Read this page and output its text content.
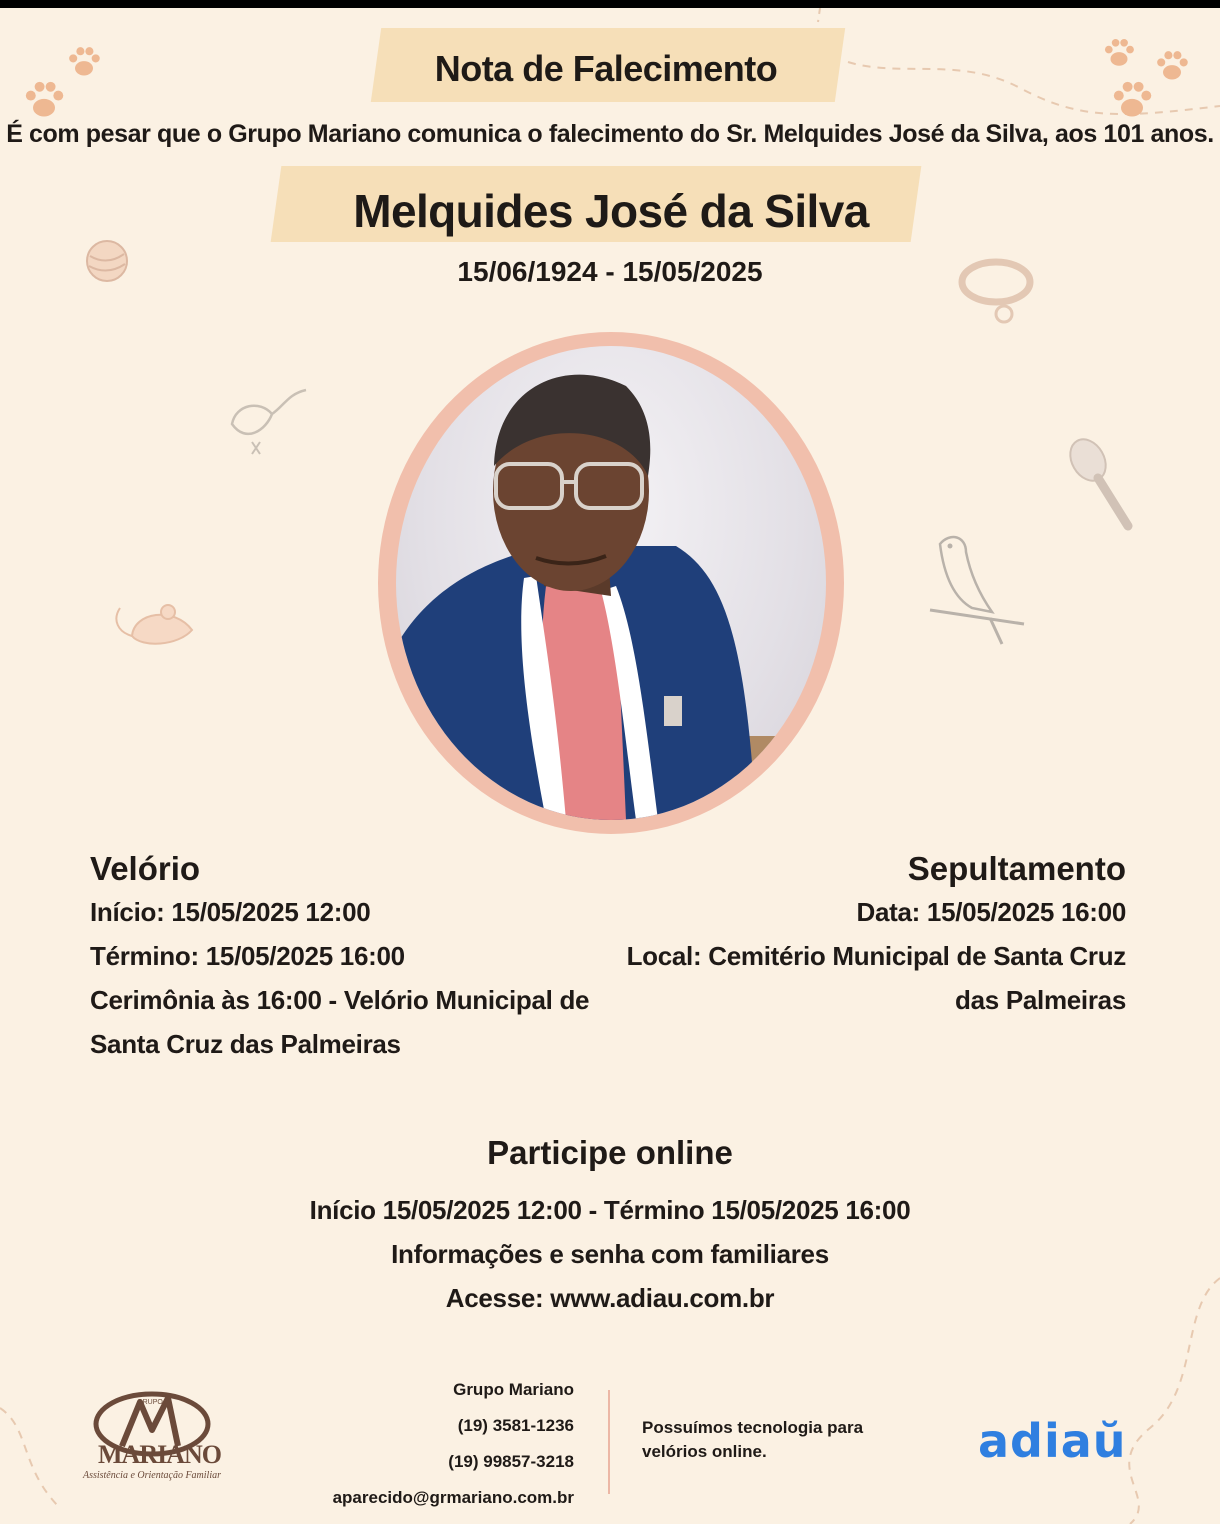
Nota de Falecimento
É com pesar que o Grupo Mariano comunica o falecimento do Sr. Melquides José da Silva, aos 101 anos.
Melquides José da Silva
15/06/1924 - 15/05/2025
Velório
Início: 15/05/2025 12:00
Término: 15/05/2025 16:00
Cerimônia às 16:00 - Velório Municipal de
Santa Cruz das Palmeiras
Sepultamento
Data: 15/05/2025 16:00
Local: Cemitério Municipal de Santa Cruz
das Palmeiras
Participe online
Início 15/05/2025 12:00 - Término 15/05/2025 16:00
Informações e senha com familiares
Acesse: www.adiau.com.br
GRUPO
MARIANO
Assistência e Orientação Familiar
Grupo Mariano
(19) 3581-1236
(19) 99857-3218
aparecido@grmariano.com.br
Possuímos tecnologia para velórios online.	adiaŭ
